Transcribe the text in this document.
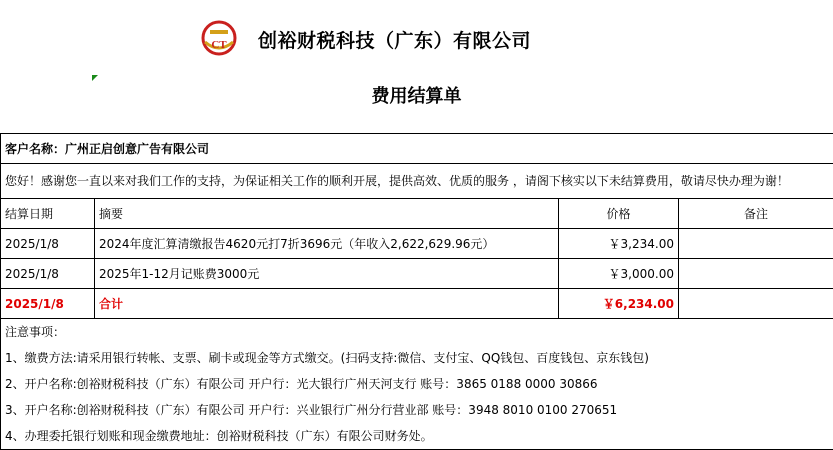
CT 创裕财税科技（广东）有限公司
费用结算单
客户名称：广州正启创意广告有限公司			
您好！感谢您一直以来对我们工作的支持，为保证相关工作的顺利开展，提供高效、优质的服务 ，请阁下核实以下未结算费用，敬请尽快办理为谢！			
结算日期	摘要	价格	备注
2025/1/8	2024年度汇算清缴报告4620元打7折3696元（年收入2,622,629.96元）	￥3,234.00	
2025/1/8	2025年1-12月记账费3000元	￥3,000.00	
2025/1/8	合计	￥6,234.00	

注意事项：
1、缴费方法:请采用银行转帐、支票、刷卡或现金等方式缴交。(扫码支持:微信、支付宝、QQ钱包、百度钱包、京东钱包)
2、开户名称:创裕财税科技（广东）有限公司 开户行：光大银行广州天河支行 账号：3865 0188 0000 30866
3、开户名称:创裕财税科技（广东）有限公司 开户行：兴业银行广州分行营业部 账号：3948 8010 0100 270651
4、办理委托银行划账和现金缴费地址：创裕财税科技（广东）有限公司财务处。			
